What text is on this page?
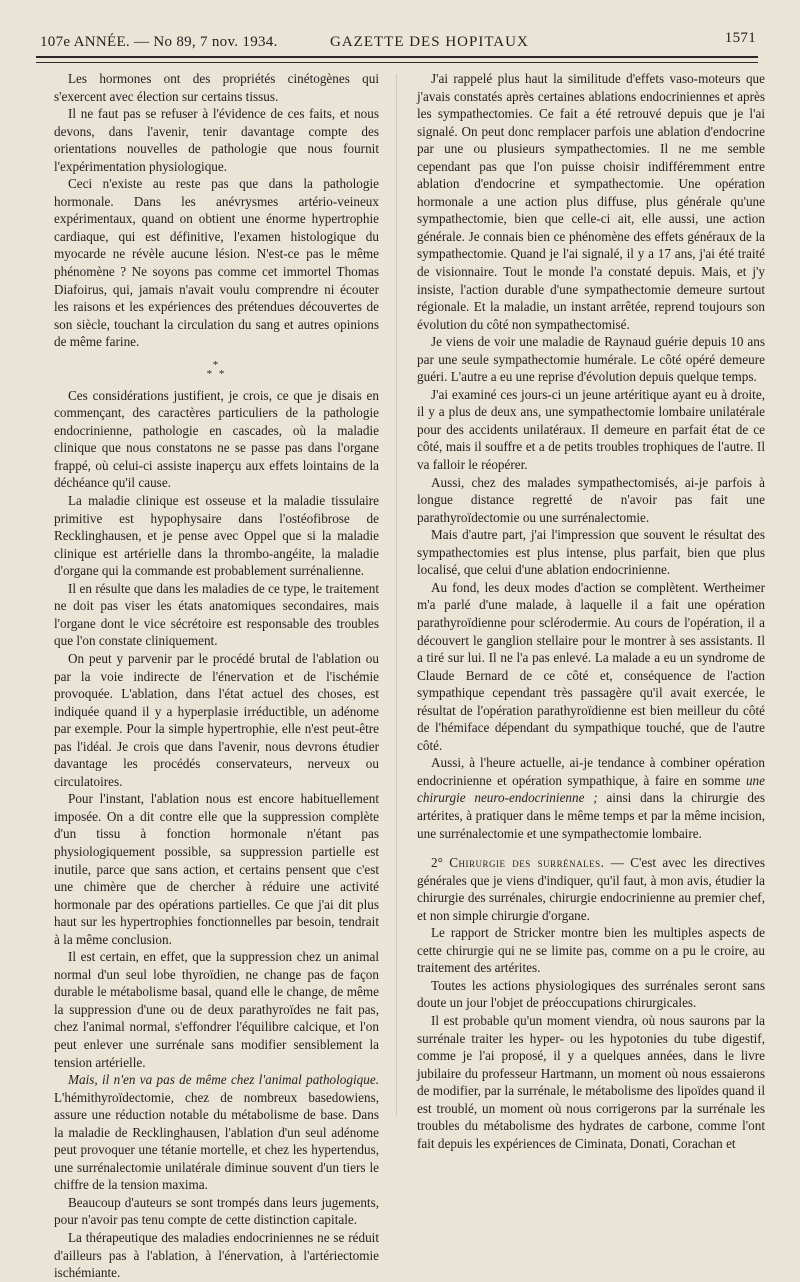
107e ANNÉE. — No 89, 7 nov. 1934.	GAZETTE DES HOPITAUX	1571

Les hormones ont des propriétés cinétogènes qui s'exercent avec élection sur certains tissus.

Il ne faut pas se refuser à l'évidence de ces faits, et nous devons, dans l'avenir, tenir davantage compte des orientations nouvelles de pathologie que nous fournit l'expérimentation physiologique.

Ceci n'existe au reste pas que dans la pathologie hormonale. Dans les anévrysmes artério-veineux expérimentaux, quand on obtient une énorme hypertrophie cardiaque, qui est définitive, l'examen histologique du myocarde ne révèle aucune lésion. N'est-ce pas le même phénomène ? Ne soyons pas comme cet immortel Thomas Diafoirus, qui, jamais n'avait voulu comprendre ni écouter les raisons et les expériences des prétendues découvertes de son siècle, touchant la circulation du sang et autres opinions de même farine.

*
* *

Ces considérations justifient, je crois, ce que je disais en commençant, des caractères particuliers de la pathologie endocrinienne, pathologie en cascades, où la maladie clinique que nous constatons ne se passe pas dans l'organe frappé, où celui-ci assiste inaperçu aux effets lointains de la déchéance qu'il cause.

La maladie clinique est osseuse et la maladie tissulaire primitive est hypophysaire dans l'ostéofibrose de Recklinghausen, et je pense avec Oppel que si la maladie clinique est artérielle dans la thrombo-angéite, la maladie d'organe qui la commande est probablement surrénalienne.

Il en résulte que dans les maladies de ce type, le traitement ne doit pas viser les états anatomiques secondaires, mais l'organe dont le vice sécrétoire est responsable des troubles que l'on constate cliniquement.

On peut y parvenir par le procédé brutal de l'ablation ou par la voie indirecte de l'énervation et de l'ischémie provoquée. L'ablation, dans l'état actuel des choses, est indiquée quand il y a hyperplasie irréductible, un adénome par exemple. Pour la simple hypertrophie, elle n'est peut-être pas l'idéal. Je crois que dans l'avenir, nous devrons étudier davantage les procédés conservateurs, nerveux ou circulatoires.

Pour l'instant, l'ablation nous est encore habituellement imposée. On a dit contre elle que la suppression complète d'un tissu à fonction hormonale n'étant pas physiologiquement possible, sa suppression partielle est inutile, parce que sans action, et certains pensent que c'est une chimère que de chercher à réduire une activité hormonale par des opérations partielles. Ce que j'ai dit plus haut sur les hypertrophies fonctionnelles par besoin, tendrait à la même conclusion.

Il est certain, en effet, que la suppression chez un animal normal d'un seul lobe thyroïdien, ne change pas de façon durable le métabolisme basal, quand elle le change, de même la suppression d'une ou de deux parathyroïdes ne fait pas, chez l'animal normal, s'effondrer l'équilibre calcique, et l'on peut enlever une surrénale sans modifier sensiblement la tension artérielle.

Mais, il n'en va pas de même chez l'animal pathologique. L'hémithyroïdectomie, chez de nombreux basedowiens, assure une réduction notable du métabolisme de base. Dans la maladie de Recklinghausen, l'ablation d'un seul adénome peut provoquer une tétanie mortelle, et chez les hypertendus, une surrénalectomie unilatérale diminue souvent d'un tiers le chiffre de la tension maxima.

Beaucoup d'auteurs se sont trompés dans leurs jugements, pour n'avoir pas tenu compte de cette distinction capitale.

La thérapeutique des maladies endocriniennes ne se réduit d'ailleurs pas à l'ablation, à l'énervation, à l'artériectomie ischémiante.

J'ai rappelé plus haut la similitude d'effets vaso-moteurs que j'avais constatés après certaines ablations endocriniennes et après les sympathectomies. Ce fait a été retrouvé depuis que je l'ai signalé. On peut donc remplacer parfois une ablation d'endocrine par une ou plusieurs sympathectomies. Il ne me semble cependant pas que l'on puisse choisir indifféremment entre ablation d'endocrine et sympathectomie. Une opération hormonale a une action plus diffuse, plus générale qu'une sympathectomie, bien que celle-ci ait, elle aussi, une action générale. Je connais bien ce phénomène des effets généraux de la sympathectomie. Quand je l'ai signalé, il y a 17 ans, j'ai été traité de visionnaire. Tout le monde l'a constaté depuis. Mais, et j'y insiste, l'action durable d'une sympathectomie demeure surtout régionale. Et la maladie, un instant arrêtée, reprend toujours son évolution du côté non sympathectomisé.

Je viens de voir une maladie de Raynaud guérie depuis 10 ans par une seule sympathectomie humérale. Le côté opéré demeure guéri. L'autre a eu une reprise d'évolution depuis quelque temps.

J'ai examiné ces jours-ci un jeune artéritique ayant eu à droite, il y a plus de deux ans, une sympathectomie lombaire unilatérale pour des accidents unilatéraux. Il demeure en parfait état de ce côté, mais il souffre et a de petits troubles trophiques de l'autre. Il va falloir le réopérer.

Aussi, chez des malades sympathectomisés, ai-je parfois à longue distance regretté de n'avoir pas fait une parathyroïdectomie ou une surrénalectomie.

Mais d'autre part, j'ai l'impression que souvent le résultat des sympathectomies est plus intense, plus parfait, bien que plus localisé, que celui d'une ablation endocrinienne.

Au fond, les deux modes d'action se complètent. Wertheimer m'a parlé d'une malade, à laquelle il a fait une opération parathyroïdienne pour sclérodermie. Au cours de l'opération, il a découvert le ganglion stellaire pour le montrer à ses assistants. Il a tiré sur lui. Il ne l'a pas enlevé. La malade a eu un syndrome de Claude Bernard de ce côté et, conséquence de l'action sympathique cependant très passagère qu'il avait exercée, le résultat de l'opération parathyroïdienne est bien meilleur du côté de l'hémiface dépendant du sympathique touché, que de l'autre côté.

Aussi, à l'heure actuelle, ai-je tendance à combiner opération endocrinienne et opération sympathique, à faire en somme une chirurgie neuro-endocrinienne ; ainsi dans la chirurgie des artérites, à pratiquer dans le même temps et par la même incision, une surrénalectomie et une sympathectomie lombaire.

2° Chirurgie des surrénales. — C'est avec les directives générales que je viens d'indiquer, qu'il faut, à mon avis, étudier la chirurgie des surrénales, chirurgie endocrinienne au premier chef, et non simple chirurgie d'organe.

Le rapport de Stricker montre bien les multiples aspects de cette chirurgie qui ne se limite pas, comme on a pu le croire, au traitement des artérites.

Toutes les actions physiologiques des surrénales seront sans doute un jour l'objet de préoccupations chirurgicales.

Il est probable qu'un moment viendra, où nous saurons par la surrénale traiter les hyper- ou les hypotonies du tube digestif, comme je l'ai proposé, il y a quelques années, dans le livre jubilaire du professeur Hartmann, un moment où nous essaierons de modifier, par la surrénale, le métabolisme des lipoïdes quand il est troublé, un moment où nous corrigerons par la surrénale les troubles du métabolisme des hydrates de carbone, comme l'ont fait depuis les expériences de Ciminata, Donati, Corachan et
